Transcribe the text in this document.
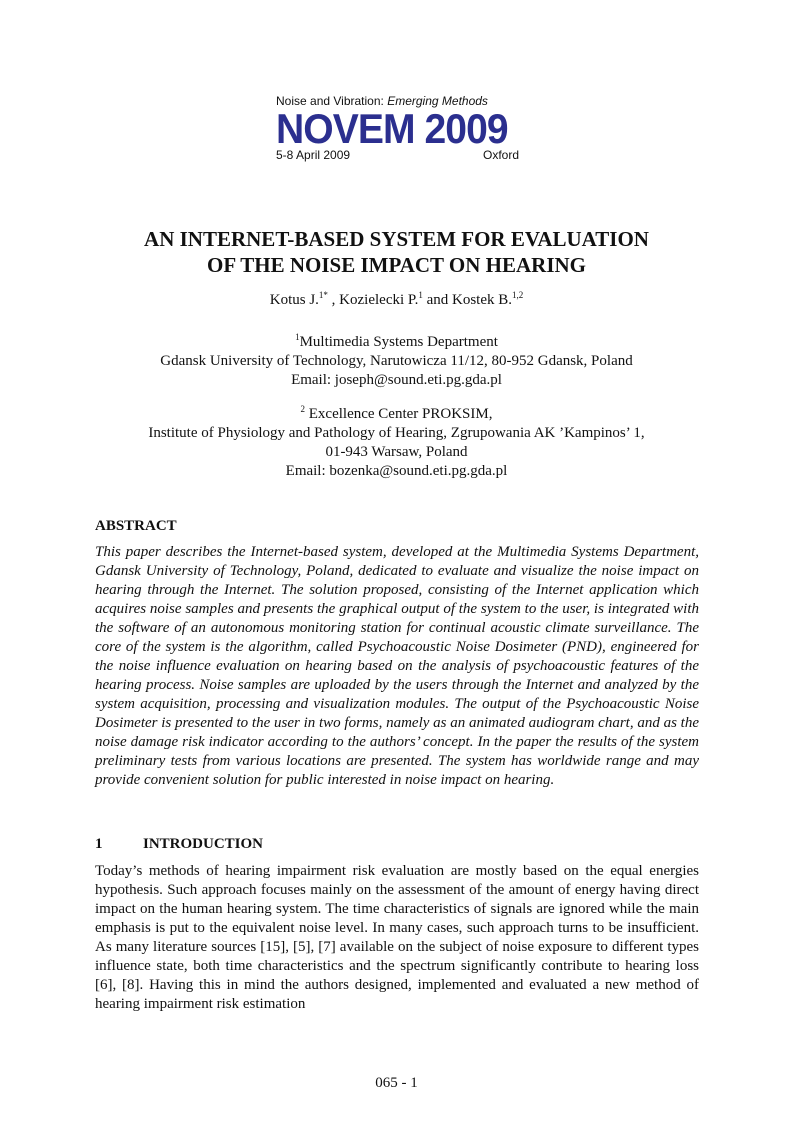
Noise and Vibration: Emerging Methods
NOVEM 2009
5-8 April 2009	Oxford
AN INTERNET-BASED SYSTEM FOR EVALUATION
OF THE NOISE IMPACT ON HEARING
Kotus J.$^{1*}$ , Kozielecki P.$^1$ and Kostek B.$^{1,2}$
$^1$Multimedia Systems Department
Gdansk University of Technology, Narutowicza 11/12, 80-952 Gdansk, Poland
Email: joseph@sound.eti.pg.gda.pl
$^2$ Excellence Center PROKSIM,
Institute of Physiology and Pathology of Hearing, Zgrupowania AK ’Kampinos’ 1,
01-943 Warsaw, Poland
Email: bozenka@sound.eti.pg.gda.pl
ABSTRACT

This paper describes the Internet-based system, developed at the Multimedia Systems Department, Gdansk University of Technology, Poland, dedicated to evaluate and visualize the noise impact on hearing through the Internet. The solution proposed, consisting of the Internet application which acquires noise samples and presents the graphical output of the system to the user, is integrated with the software of an autonomous monitoring station for continual acoustic climate surveillance. The core of the system is the algorithm, called Psychoacoustic Noise Dosimeter (PND), engineered for the noise influence evaluation on hearing based on the analysis of psychoacoustic features of the hearing process. Noise samples are uploaded by the users through the Internet and analyzed by the system acquisition, processing and visualization modules. The output of the Psychoacoustic Noise Dosimeter is presented to the user in two forms, namely as an animated audiogram chart, and as the noise damage risk indicator according to the authors’ concept. In the paper the results of the system preliminary tests from various locations are presented. The system has worldwide range and may provide convenient solution for public interested in noise impact on hearing.

1	INTRODUCTION

Today’s methods of hearing impairment risk evaluation are mostly based on the equal energies hypothesis. Such approach focuses mainly on the assessment of the amount of energy having direct impact on the human hearing system. The time characteristics of signals are ignored while the main emphasis is put to the equivalent noise level. In many cases, such approach turns to be insufficient. As many literature sources [15], [5], [7] available on the subject of noise exposure to different types influence state, both time characteristics and the spectrum significantly contribute to hearing loss [6], [8]. Having this in mind the authors designed, implemented and evaluated a new method of hearing impairment risk estimation

065 - 1
